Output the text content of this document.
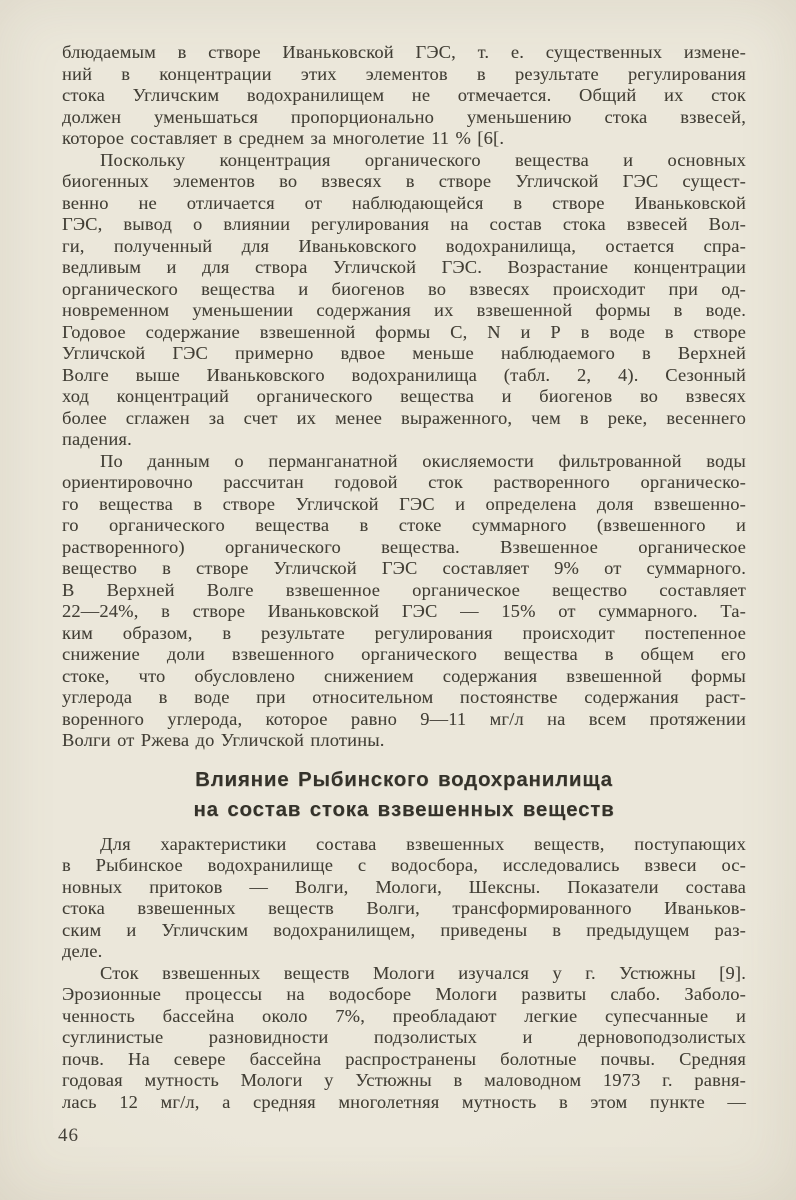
блюдаемым в створе Иваньковской ГЭС, т. е. существенных измене-
ний в концентрации этих элементов в результате регулирования
стока Угличским водохранилищем не отмечается. Общий их сток
должен уменьшаться пропорционально уменьшению стока взвесей,
которое составляет в среднем за многолетие 11 % [6[.

Поскольку концентрация органического вещества и основных
биогенных элементов во взвесях в створе Угличской ГЭС сущест-
венно не отличается от наблюдающейся в створе Иваньковской
ГЭС, вывод о влиянии регулирования на состав стока взвесей Вол-
ги, полученный для Иваньковского водохранилища, остается спра-
ведливым и для створа Угличской ГЭС. Возрастание концентрации
органического вещества и биогенов во взвесях происходит при од-
новременном уменьшении содержания их взвешенной формы в воде.
Годовое содержание взвешенной формы С, N и Р в воде в створе
Угличской ГЭС примерно вдвое меньше наблюдаемого в Верхней
Волге выше Иваньковского водохранилища (табл. 2, 4). Сезонный
ход концентраций органического вещества и биогенов во взвесях
более сглажен за счет их менее выраженного, чем в реке, весеннего
падения.

По данным о перманганатной окисляемости фильтрованной воды
ориентировочно рассчитан годовой сток растворенного органическо-
го вещества в створе Угличской ГЭС и определена доля взвешенно-
го органического вещества в стоке суммарного (взвешенного и
растворенного) органического вещества. Взвешенное органическое
вещество в створе Угличской ГЭС составляет 9% от суммарного.
В Верхней Волге взвешенное органическое вещество составляет
22—24%, в створе Иваньковской ГЭС — 15% от суммарного. Та-
ким образом, в результате регулирования происходит постепенное
снижение доли взвешенного органического вещества в общем его
стоке, что обусловлено снижением содержания взвешенной формы
углерода в воде при относительном постоянстве содержания раст-
воренного углерода, которое равно 9—11 мг/л на всем протяжении
Волги от Ржева до Угличской плотины.

Влияние Рыбинского водохранилища
на состав стока взвешенных веществ

Для характеристики состава взвешенных веществ, поступающих
в Рыбинское водохранилище с водосбора, исследовались взвеси ос-
новных притоков — Волги, Мологи, Шексны. Показатели состава
стока взвешенных веществ Волги, трансформированного Иваньков-
ским и Угличским водохранилищем, приведены в предыдущем раз-
деле.

Сток взвешенных веществ Мологи изучался у г. Устюжны [9].
Эрозионные процессы на водосборе Мологи развиты слабо. Заболо-
ченность бассейна около 7%, преобладают легкие супесчанные и
суглинистые разновидности подзолистых и дерновоподзолистых
почв. На севере бассейна распространены болотные почвы. Средняя
годовая мутность Мологи у Устюжны в маловодном 1973 г. равня-
лась 12 мг/л, а средняя многолетняя мутность в этом пункте —

46
